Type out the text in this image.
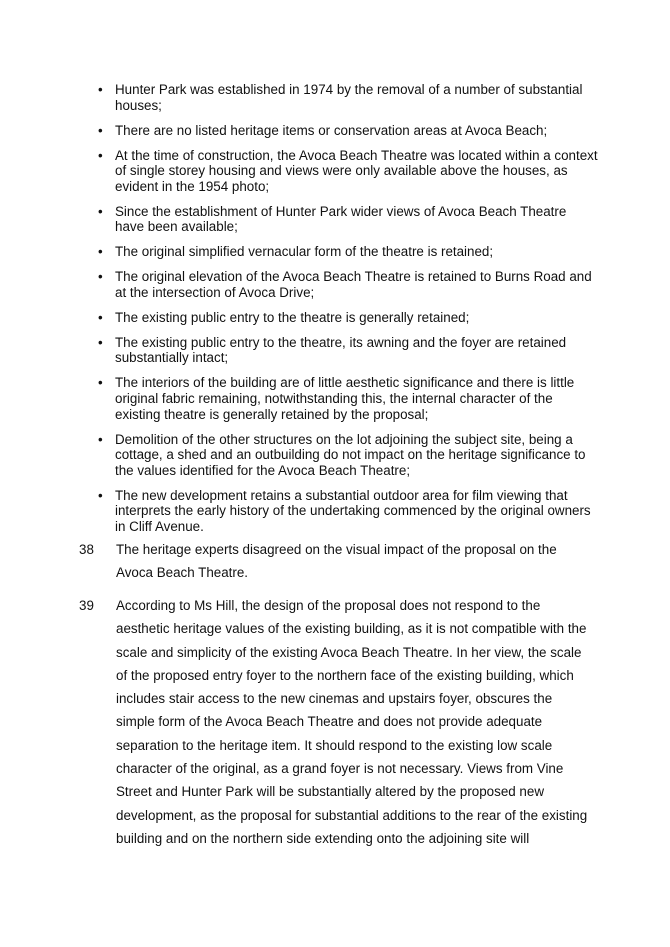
• Hunter Park was established in 1974 by the removal of a number of substantial houses;
• There are no listed heritage items or conservation areas at Avoca Beach;
• At the time of construction, the Avoca Beach Theatre was located within a context of single storey housing and views were only available above the houses, as evident in the 1954 photo;
• Since the establishment of Hunter Park wider views of Avoca Beach Theatre have been available;
• The original simplified vernacular form of the theatre is retained;
• The original elevation of the Avoca Beach Theatre is retained to Burns Road and at the intersection of Avoca Drive;
• The existing public entry to the theatre is generally retained;
• The existing public entry to the theatre, its awning and the foyer are retained substantially intact;
• The interiors of the building are of little aesthetic significance and there is little original fabric remaining, notwithstanding this, the internal character of the existing theatre is generally retained by the proposal;
• Demolition of the other structures on the lot adjoining the subject site, being a cottage, a shed and an outbuilding do not impact on the heritage significance to the values identified for the Avoca Beach Theatre;
• The new development retains a substantial outdoor area for film viewing that interprets the early history of the undertaking commenced by the original owners in Cliff Avenue.
38	The heritage experts disagreed on the visual impact of the proposal on the Avoca Beach Theatre.
39	According to Ms Hill, the design of the proposal does not respond to the aesthetic heritage values of the existing building, as it is not compatible with the scale and simplicity of the existing Avoca Beach Theatre. In her view, the scale of the proposed entry foyer to the northern face of the existing building, which includes stair access to the new cinemas and upstairs foyer, obscures the simple form of the Avoca Beach Theatre and does not provide adequate separation to the heritage item. It should respond to the existing low scale character of the original, as a grand foyer is not necessary. Views from Vine Street and Hunter Park will be substantially altered by the proposed new development, as the proposal for substantial additions to the rear of the existing building and on the northern side extending onto the adjoining site will
